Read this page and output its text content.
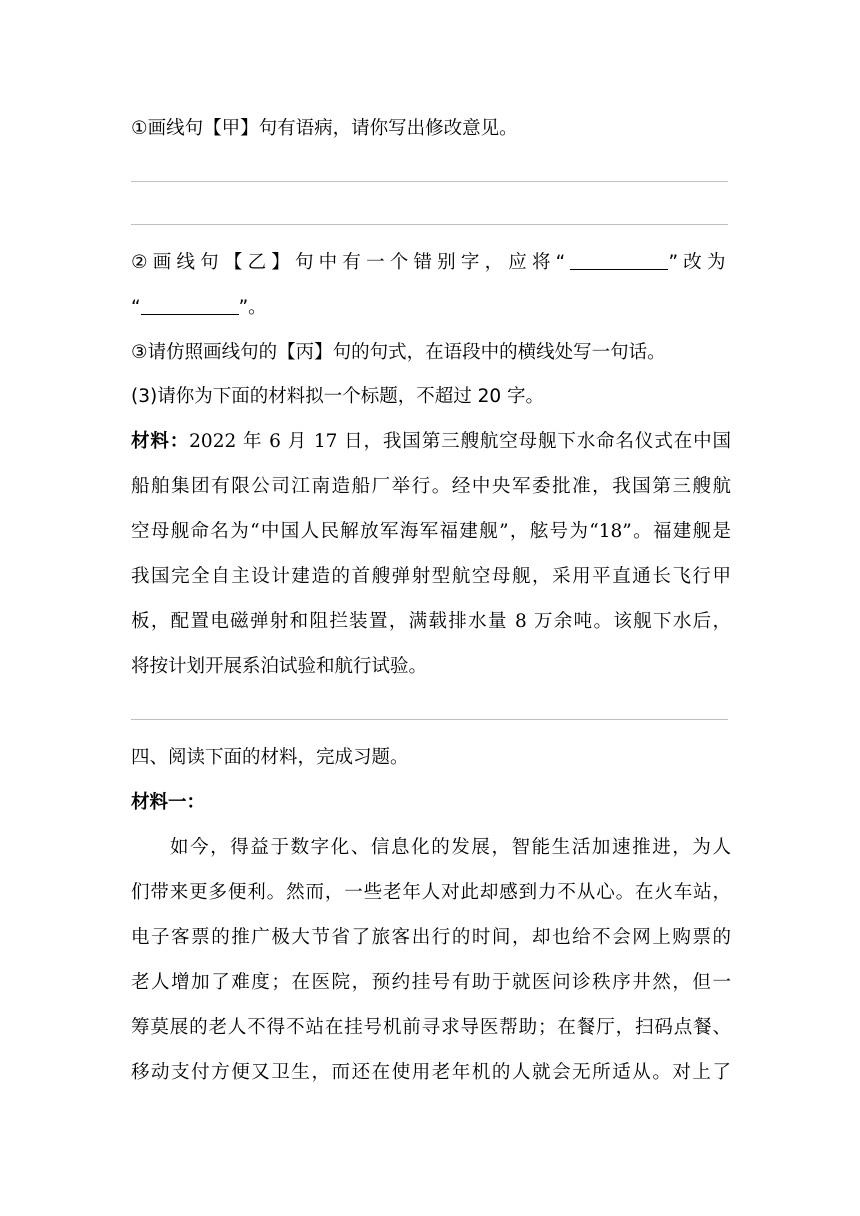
①画线句【甲】句有语病，请你写出修改意见。
②画线句【乙】句中有一个错别字，应将“	”改为
“	”。
③请仿照画线句的【丙】句的句式，在语段中的横线处写一句话。
(3)请你为下面的材料拟一个标题，不超过 20 字。
材料：2022 年 6 月 17 日，我国第三艘航空母舰下水命名仪式在中国
船舶集团有限公司江南造船厂举行。经中央军委批准，我国第三艘航
空母舰命名为“中国人民解放军海军福建舰”，舷号为“18”。福建舰是
我国完全自主设计建造的首艘弹射型航空母舰，采用平直通长飞行甲
板，配置电磁弹射和阻拦装置，满载排水量 8 万余吨。该舰下水后，
将按计划开展系泊试验和航行试验。
四、阅读下面的材料，完成习题。
材料一：
如今，得益于数字化、信息化的发展，智能生活加速推进，为人
们带来更多便利。然而，一些老年人对此却感到力不从心。在火车站，
电子客票的推广极大节省了旅客出行的时间，却也给不会网上购票的
老人增加了难度；在医院，预约挂号有助于就医问诊秩序井然，但一
筹莫展的老人不得不站在挂号机前寻求导医帮助；在餐厅，扫码点餐、
移动支付方便又卫生，而还在使用老年机的人就会无所适从。对上了
